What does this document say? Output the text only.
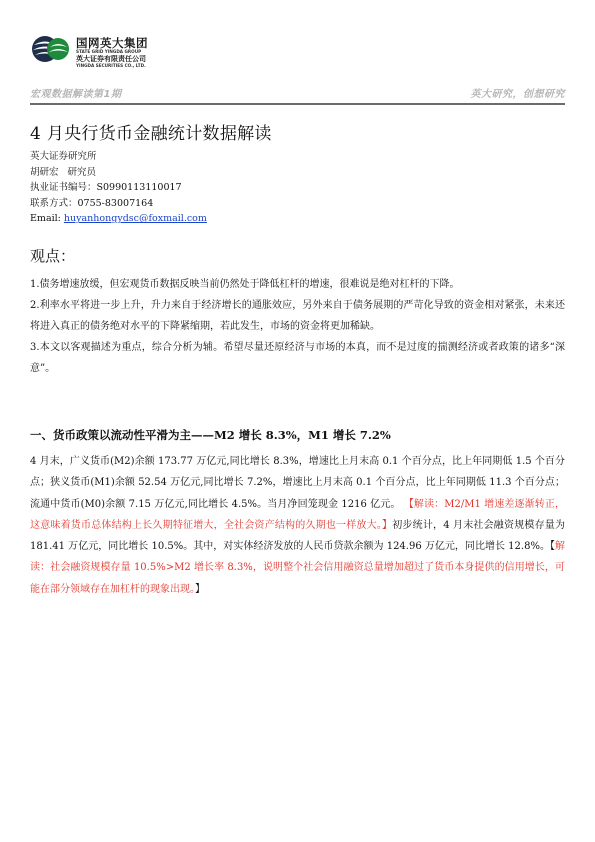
国网英大集团
STATE GRID YINGDA GROUP
英大证券有限责任公司
YINGDA SECURITIES CO., LTD.
宏观数据解读第1期	英大研究，创想研究
4 月央行货币金融统计数据解读
英大证券研究所
胡研宏   研究员
执业证书编号：S0990113110017
联系方式：0755-83007164
Email: huyanhongydsc@foxmail.com
观点：

1.债务增速放缓，但宏观货币数据反映当前仍然处于降低杠杆的增速，很难说是绝对杠杆的下降。

2.利率水平将进一步上升，升力来自于经济增长的通胀效应，另外来自于债务展期的严苛化导致的资金相对紧张，未来还将进入真正的债务绝对水平的下降紧缩期，若此发生，市场的资金将更加稀缺。

3.本文以客观描述为重点，综合分析为辅。希望尽量还原经济与市场的本真，而不是过度的揣测经济或者政策的诸多“深意”。

一、货币政策以流动性平滑为主——M2 增长 8.3%，M1 增长 7.2%
4 月末，广义货币(M2)余额 173.77 万亿元,同比增长 8.3%，增速比上月末高 0.1 个百分点，比上年同期低 1.5 个百分点；狭义货币(M1)余额 52.54 万亿元,同比增长 7.2%，增速比上月末高 0.1 个百分点，比上年同期低 11.3 个百分点；流通中货币(M0)余额 7.15 万亿元,同比增长 4.5%。当月净回笼现金 1216 亿元。 【解读：M2/M1 增速差逐渐转正，这意味着货币总体结构上长久期特征增大，全社会资产结构的久期也一样放大。】初步统计，4 月末社会融资规模存量为 181.41 万亿元，同比增长 10.5%。其中，对实体经济发放的人民币贷款余额为 124.96 万亿元，同比增长 12.8%。【解读：社会融资规模存量 10.5%>M2 增长率 8.3%，说明整个社会信用融资总量增加超过了货币本身提供的信用增长，可能在部分领域存在加杠杆的现象出现。】
